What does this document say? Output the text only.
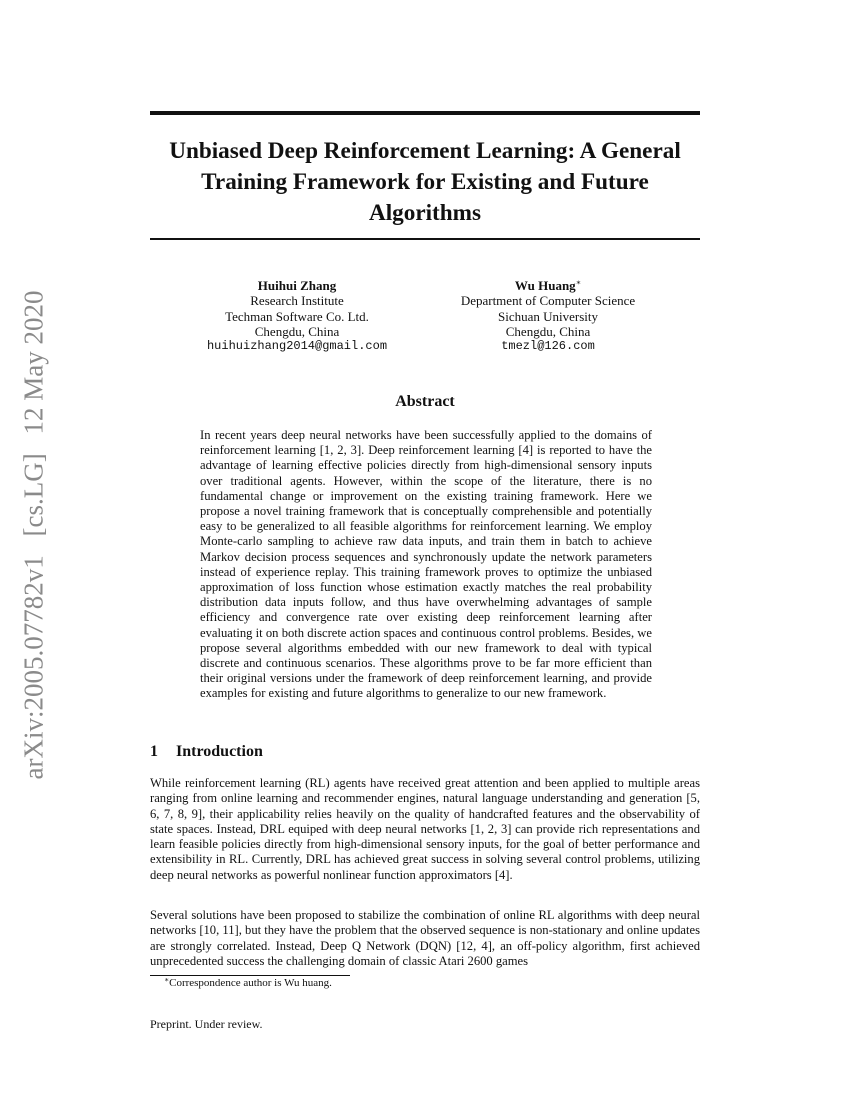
arXiv:2005.07782v1 [cs.LG] 12 May 2020
Unbiased Deep Reinforcement Learning: A General Training Framework for Existing and Future Algorithms
Huihui Zhang
Research Institute
Techman Software Co. Ltd.
Chengdu, China
huihuizhang2014@gmail.com
Wu Huang∗
Department of Computer Science
Sichuan University
Chengdu, China
tmezl@126.com
Abstract
In recent years deep neural networks have been successfully applied to the domains of reinforcement learning [1, 2, 3]. Deep reinforcement learning [4] is reported to have the advantage of learning effective policies directly from high-dimensional sensory inputs over traditional agents. However, within the scope of the literature, there is no fundamental change or improvement on the existing training framework. Here we propose a novel training framework that is conceptually comprehensible and potentially easy to be generalized to all feasible algorithms for reinforcement learning. We employ Monte-carlo sampling to achieve raw data inputs, and train them in batch to achieve Markov decision process sequences and synchronously update the network parameters instead of experience replay. This training framework proves to optimize the unbiased approximation of loss function whose estimation exactly matches the real probability distribution data inputs follow, and thus have overwhelming advantages of sample efficiency and convergence rate over existing deep reinforcement learning after evaluating it on both discrete action spaces and continuous control problems. Besides, we propose several algorithms embedded with our new framework to deal with typical discrete and continuous scenarios. These algorithms prove to be far more efficient than their original versions under the framework of deep reinforcement learning, and provide examples for existing and future algorithms to generalize to our new framework.
1 Introduction
While reinforcement learning (RL) agents have received great attention and been applied to multiple areas ranging from online learning and recommender engines, natural language understanding and generation [5, 6, 7, 8, 9], their applicability relies heavily on the quality of handcrafted features and the observability of state spaces. Instead, DRL equiped with deep neural networks [1, 2, 3] can provide rich representations and learn feasible policies directly from high-dimensional sensory inputs, for the goal of better performance and extensibility in RL. Currently, DRL has achieved great success in solving several control problems, utilizing deep neural networks as powerful nonlinear function approximators [4].
Several solutions have been proposed to stabilize the combination of online RL algorithms with deep neural networks [10, 11], but they have the problem that the observed sequence is non-stationary and online updates are strongly correlated. Instead, Deep Q Network (DQN) [12, 4], an off-policy algorithm, first achieved unprecedented success the challenging domain of classic Atari 2600 games
∗Correspondence author is Wu huang.
Preprint. Under review.
